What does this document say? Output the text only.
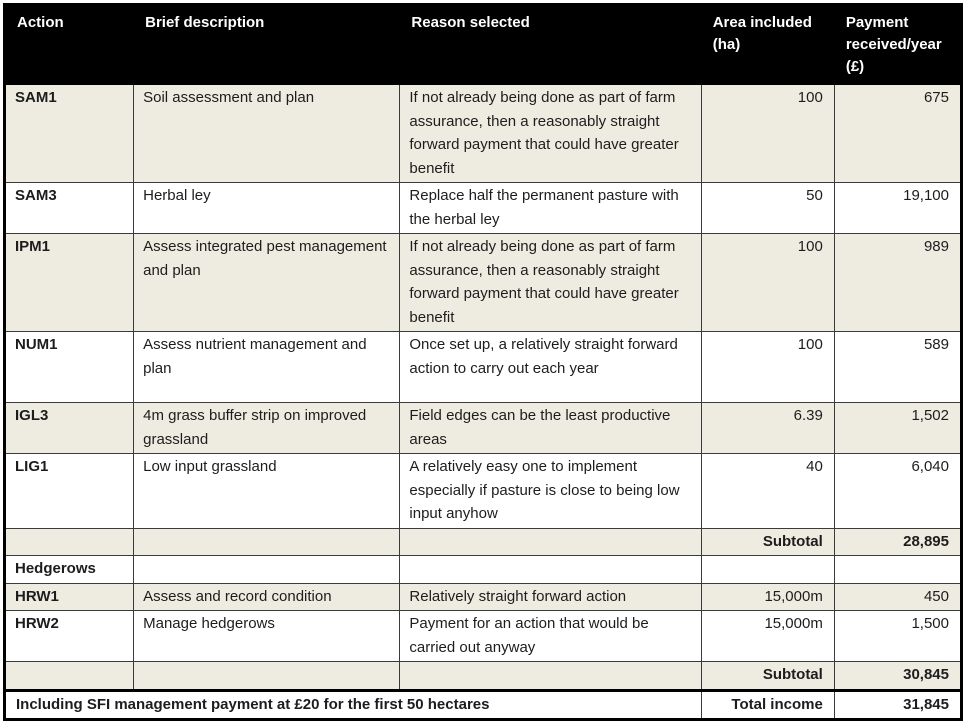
Action	Brief description	Reason selected	Area included (ha)	Payment received/year (£)
SAM1	Soil assessment and plan	If not already being done as part of farm assurance, then a reasonably straight forward payment that could have greater benefit	100	675
SAM3	Herbal ley	Replace half the permanent pasture with the herbal ley	50	19,100
IPM1	Assess integrated pest management and plan	If not already being done as part of farm assurance, then a reasonably straight forward payment that could have greater benefit	100	989
NUM1	Assess nutrient management and plan	Once set up, a relatively straight forward action to carry out each year	100	589
IGL3	4m grass buffer strip on improved grassland	Field edges can be the least productive areas	6.39	1,502
LIG1	Low input grassland	A relatively easy one to implement especially if pasture is close to being low input anyhow	40	6,040
			Subtotal	28,895
Hedgerows				
HRW1	Assess and record condition	Relatively straight forward action	15,000m	450
HRW2	Manage hedgerows	Payment for an action that would be carried out anyway	15,000m	1,500
			Subtotal	30,845
Including SFI management payment at £20 for the first 50 hectares			Total income	31,845
